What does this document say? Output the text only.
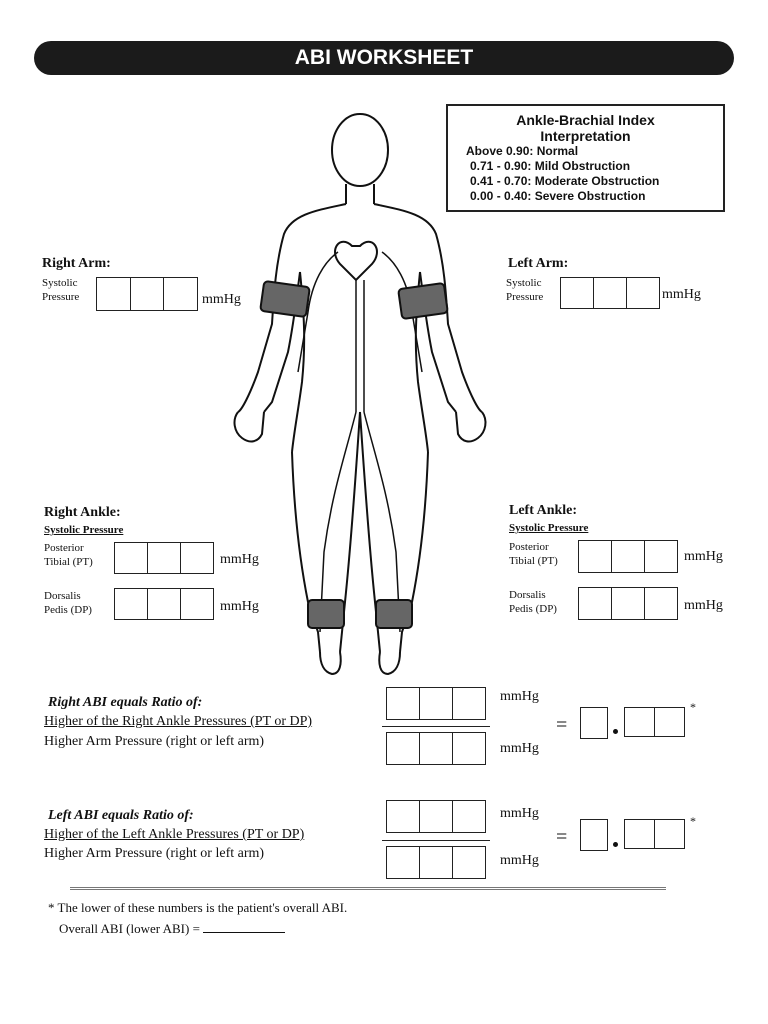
ABI WORKSHEET
Ankle-Brachial Index
Interpretation
Above 0.90: Normal
0.71 - 0.90: Mild Obstruction
0.41 - 0.70: Moderate Obstruction
0.00 - 0.40: Severe Obstruction
Right Arm:
Systolic
Pressure	mmHg
Left Arm:
Systolic
Pressure	mmHg
Right Ankle:
Systolic Pressure
Posterior
Tibial (PT)	mmHg
Dorsalis
Pedis (DP)	mmHg
Left Ankle:
Systolic Pressure
Posterior
Tibial (PT)	mmHg
Dorsalis
Pedis (DP)	mmHg
Right ABI equals Ratio of:
Higher of the Right Ankle Pressures (PT or DP)
Higher Arm Pressure (right or left arm)
mmHg
mmHg
=
*
Left ABI equals Ratio of:
Higher of the Left Ankle Pressures (PT or DP)
Higher Arm Pressure (right or left arm)
mmHg
mmHg
=
*
* The lower of these numbers is the patient's overall ABI.
Overall ABI (lower ABI) =
